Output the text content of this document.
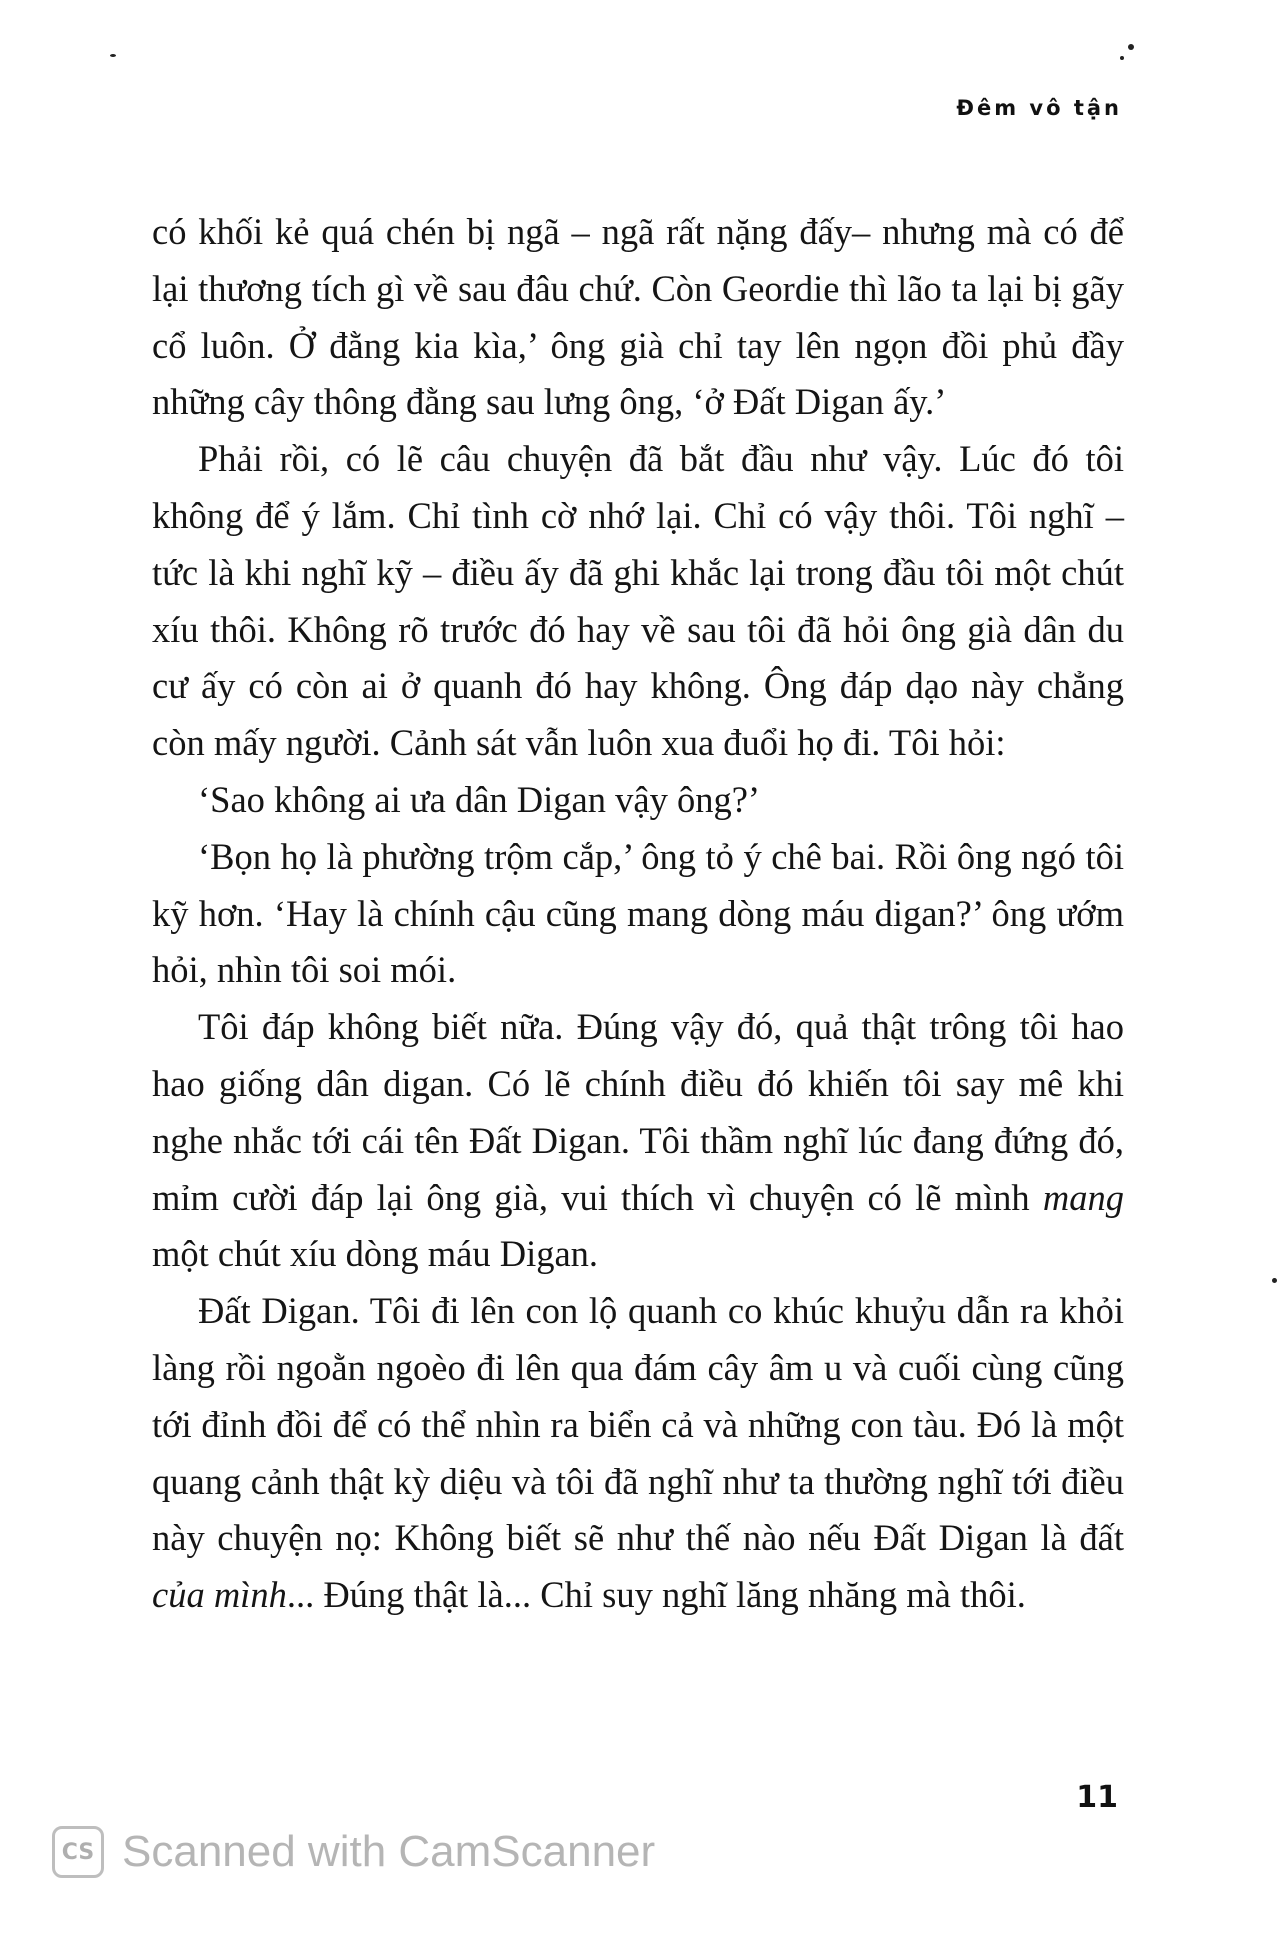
Đêm vô tận

có khối kẻ quá chén bị ngã – ngã rất nặng đấy– nhưng mà có để lại thương tích gì về sau đâu chứ. Còn Geordie thì lão ta lại bị gãy cổ luôn. Ở đằng kia kìa,’ ông già chỉ tay lên ngọn đồi phủ đầy những cây thông đằng sau lưng ông, ‘ở Đất Digan ấy.’

Phải rồi, có lẽ câu chuyện đã bắt đầu như vậy. Lúc đó tôi không để ý lắm. Chỉ tình cờ nhớ lại. Chỉ có vậy thôi. Tôi nghĩ – tức là khi nghĩ kỹ – điều ấy đã ghi khắc lại trong đầu tôi một chút xíu thôi. Không rõ trước đó hay về sau tôi đã hỏi ông già dân du cư ấy có còn ai ở quanh đó hay không. Ông đáp dạo này chẳng còn mấy người. Cảnh sát vẫn luôn xua đuổi họ đi. Tôi hỏi:

‘Sao không ai ưa dân Digan vậy ông?’

‘Bọn họ là phường trộm cắp,’ ông tỏ ý chê bai. Rồi ông ngó tôi kỹ hơn. ‘Hay là chính cậu cũng mang dòng máu digan?’ ông ướm hỏi, nhìn tôi soi mói.

Tôi đáp không biết nữa. Đúng vậy đó, quả thật trông tôi hao hao giống dân digan. Có lẽ chính điều đó khiến tôi say mê khi nghe nhắc tới cái tên Đất Digan. Tôi thầm nghĩ lúc đang đứng đó, mỉm cười đáp lại ông già, vui thích vì chuyện có lẽ mình mang một chút xíu dòng máu Digan.

Đất Digan. Tôi đi lên con lộ quanh co khúc khuỷu dẫn ra khỏi làng rồi ngoằn ngoèo đi lên qua đám cây âm u và cuối cùng cũng tới đỉnh đồi để có thể nhìn ra biển cả và những con tàu. Đó là một quang cảnh thật kỳ diệu và tôi đã nghĩ như ta thường nghĩ tới điều này chuyện nọ: Không biết sẽ như thế nào nếu Đất Digan là đất của mình... Đúng thật là... Chỉ suy nghĩ lăng nhăng mà thôi.

11
CS Scanned with CamScanner
